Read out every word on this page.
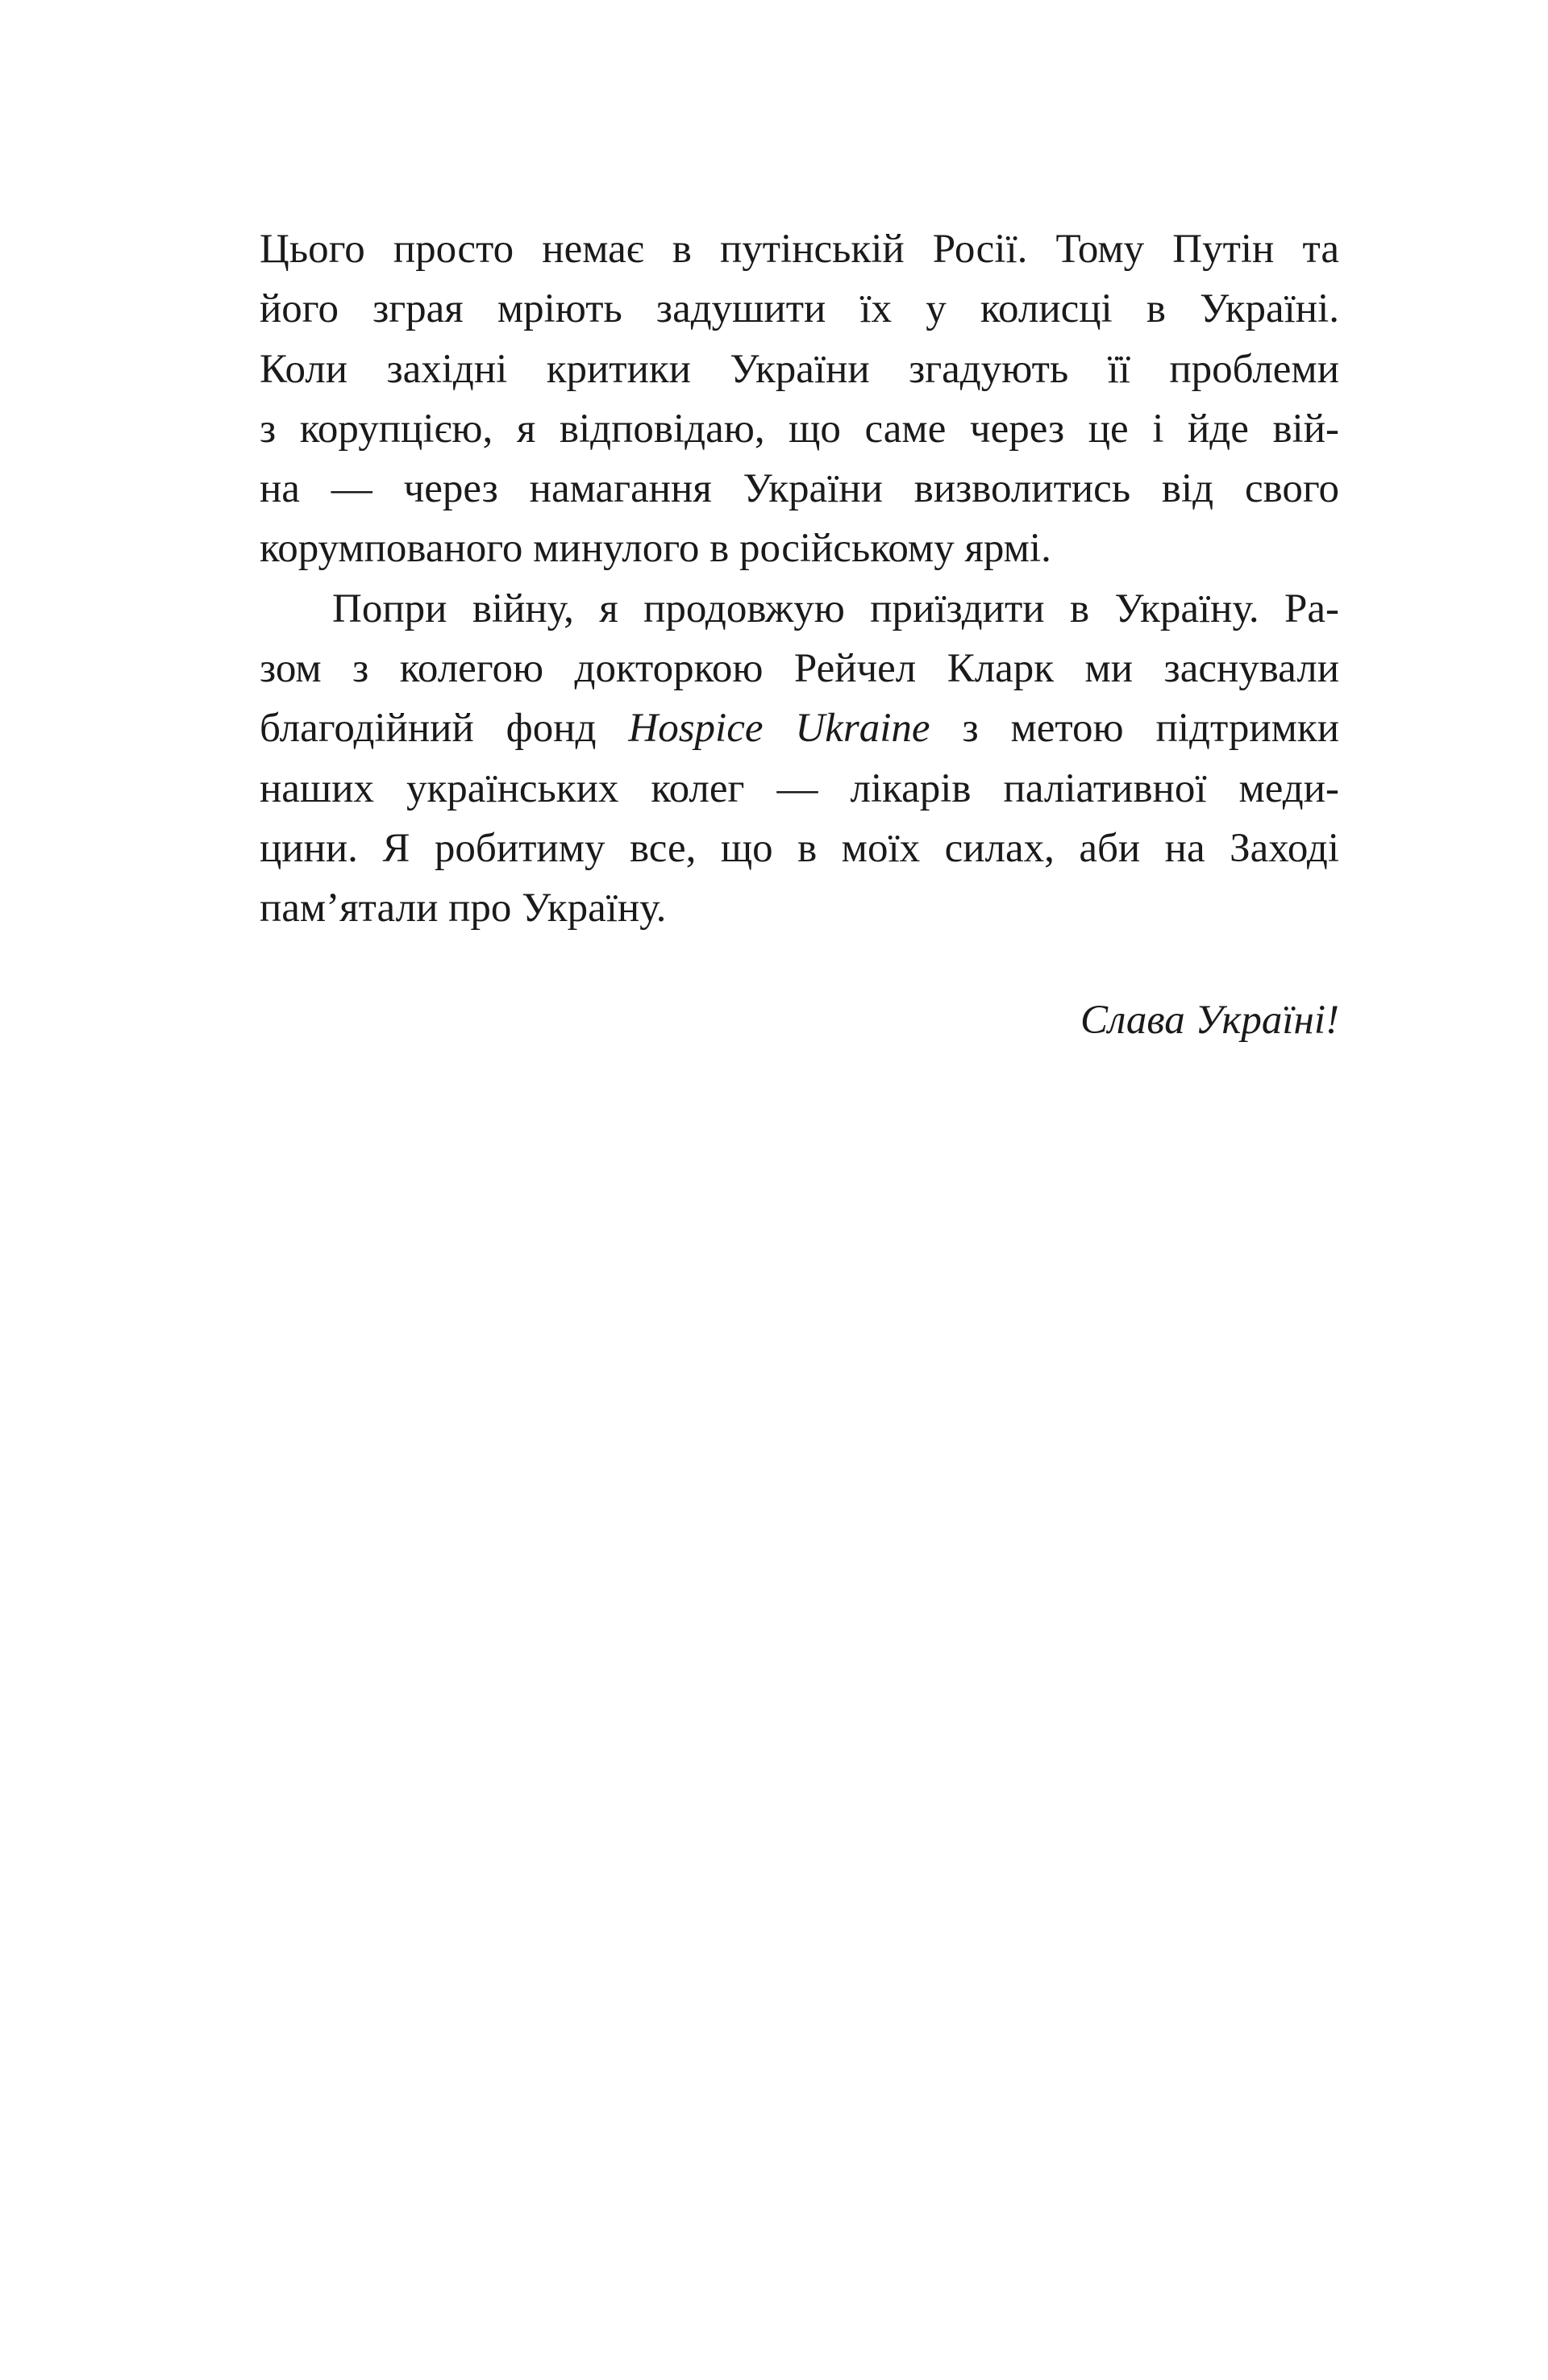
Цього просто немає в путінській Росії. Тому Путін та
його зграя мріють задушити їх у колисці в Україні.
Коли західні критики України згадують її проблеми
з корупцією, я відповідаю, що саме через це і йде вій-
на — через намагання України визволитись від свого
корумпованого минулого в російському ярмі.
Попри війну, я продовжую приїздити в Україну. Ра-
зом з колегою докторкою Рейчел Кларк ми заснували
благодійний фонд Hospice Ukraine з метою підтримки
наших українських колег — лікарів паліативної меди-
цини. Я робитиму все, що в моїх силах, аби на Заході
пам’ятали про Україну.
Слава Україні!
